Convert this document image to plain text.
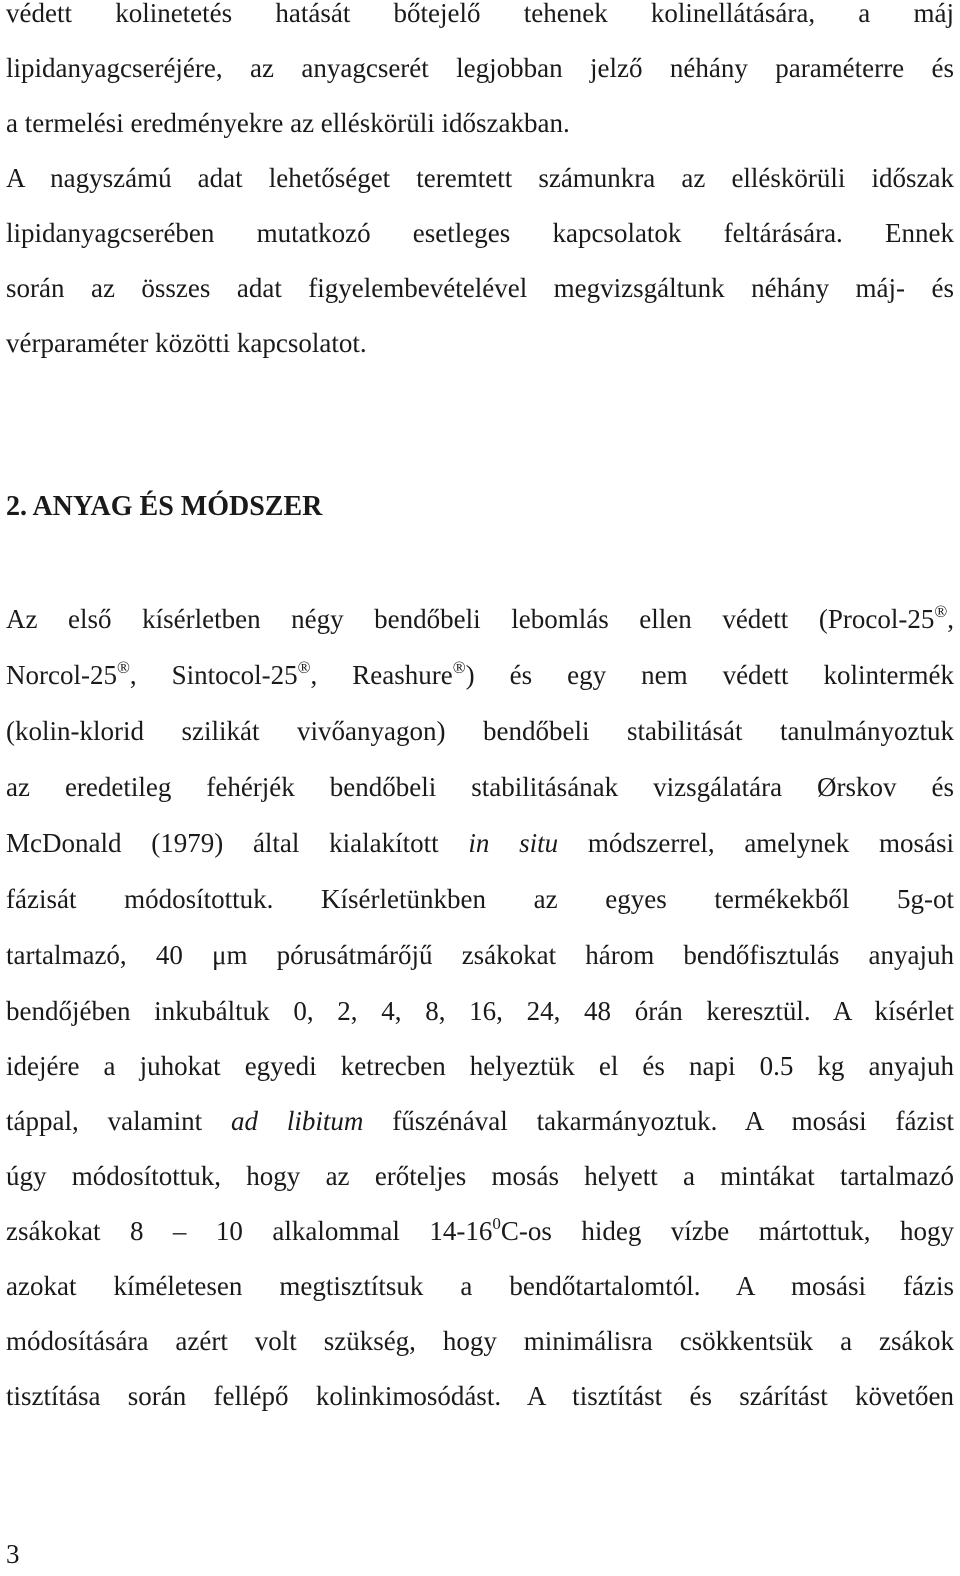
védett kolinetetés hatását bőtejelő tehenek kolinellátására, a máj
lipidanyagcseréjére, az anyagcserét legjobban jelző néhány paraméterre és
a termelési eredményekre az elléskörüli időszakban.
A nagyszámú adat lehetőséget teremtett számunkra az elléskörüli időszak
lipidanyagcserében mutatkozó esetleges kapcsolatok feltárására. Ennek
során az összes adat figyelembevételével megvizsgáltunk néhány máj- és
vérparaméter közötti kapcsolatot.
2. ANYAG ÉS MÓDSZER
Az első kísérletben négy bendőbeli lebomlás ellen védett (Procol-25®,
Norcol-25®, Sintocol-25®, Reashure®) és egy nem védett kolintermék
(kolin-klorid szilikát vivőanyagon) bendőbeli stabilitását tanulmányoztuk
az eredetileg fehérjék bendőbeli stabilitásának vizsgálatára Ørskov és
McDonald (1979) által kialakított in situ módszerrel, amelynek mosási
fázisát módosítottuk. Kísérletünkben az egyes termékekből 5g-ot
tartalmazó, 40 μm pórusátmárőjű zsákokat három bendőfisztulás anyajuh
bendőjében inkubáltuk 0, 2, 4, 8, 16, 24, 48 órán keresztül. A kísérlet
idejére a juhokat egyedi ketrecben helyeztük el és napi 0.5 kg anyajuh
táppal, valamint ad libitum fűszénával takarmányoztuk. A mosási fázist
úgy módosítottuk, hogy az erőteljes mosás helyett a mintákat tartalmazó
zsákokat 8 – 10 alkalommal $14-16^0C-os$ hideg vízbe mártottuk, hogy
azokat kíméletesen megtisztítsuk a bendőtartalomtól. A mosási fázis
módosítására azért volt szükség, hogy minimálisra csökkentsük a zsákok
tisztítása során fellépő kolinkimosódást. A tisztítást és szárítást követően
3
